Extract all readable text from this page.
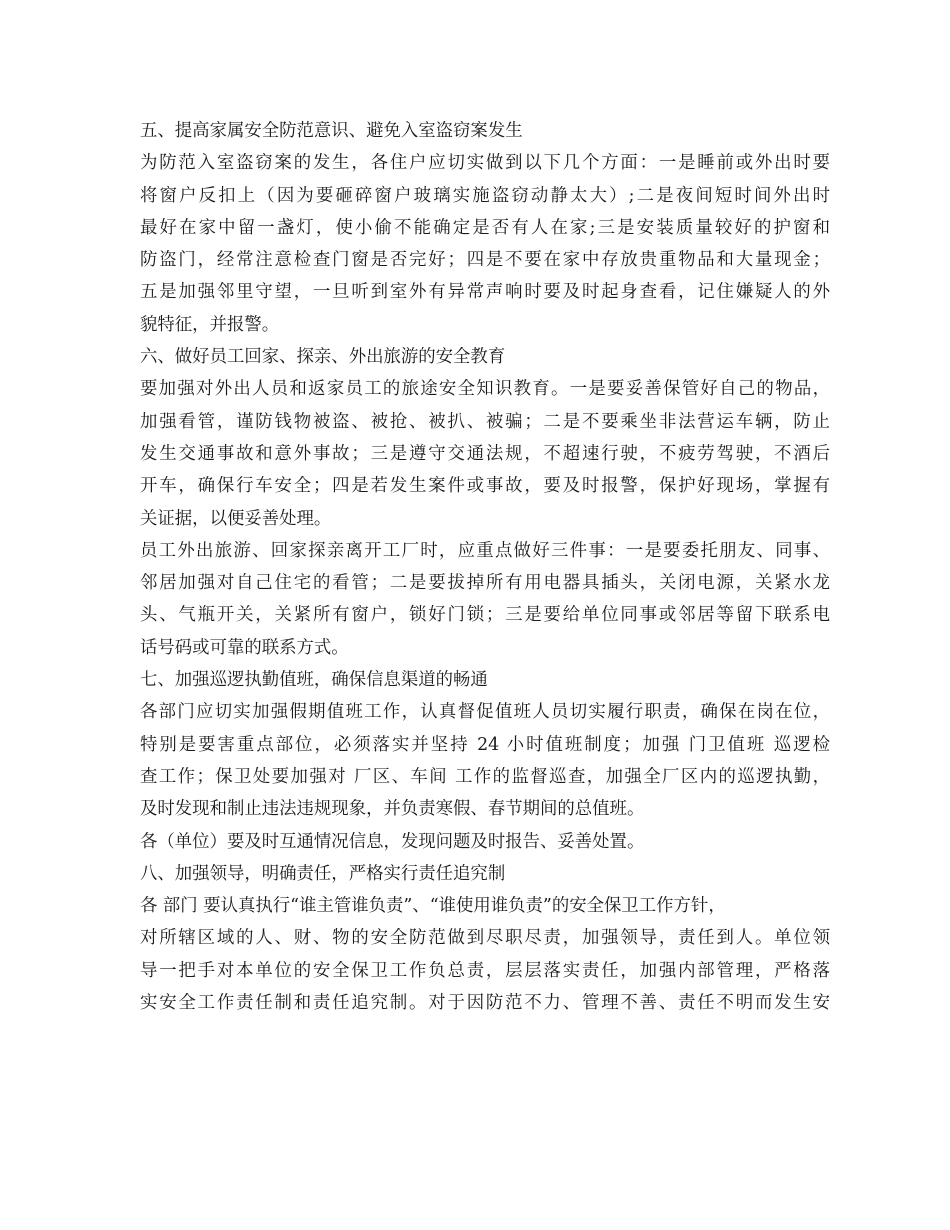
五、提高家属安全防范意识、避免入室盗窃案发生
为防范入室盗窃案的发生，各住户应切实做到以下几个方面：一是睡前或外出时要
将窗户反扣上（因为要砸碎窗户玻璃实施盗窃动静太大）;二是夜间短时间外出时
最好在家中留一盏灯，使小偷不能确定是否有人在家;三是安装质量较好的护窗和
防盗门，经常注意检查门窗是否完好；四是不要在家中存放贵重物品和大量现金；
五是加强邻里守望，一旦听到室外有异常声响时要及时起身查看，记住嫌疑人的外
貌特征，并报警。
六、做好员工回家、探亲、外出旅游的安全教育
要加强对外出人员和返家员工的旅途安全知识教育。一是要妥善保管好自己的物品，
加强看管，谨防钱物被盗、被抢、被扒、被骗；二是不要乘坐非法营运车辆，防止
发生交通事故和意外事故；三是遵守交通法规，不超速行驶，不疲劳驾驶，不酒后
开车，确保行车安全；四是若发生案件或事故，要及时报警，保护好现场，掌握有
关证据，以便妥善处理。
员工外出旅游、回家探亲离开工厂时，应重点做好三件事：一是要委托朋友、同事、
邻居加强对自己住宅的看管；二是要拔掉所有用电器具插头，关闭电源，关紧水龙
头、气瓶开关，关紧所有窗户，锁好门锁；三是要给单位同事或邻居等留下联系电
话号码或可靠的联系方式。
七、加强巡逻执勤值班，确保信息渠道的畅通
各部门应切实加强假期值班工作，认真督促值班人员切实履行职责，确保在岗在位，
特别是要害重点部位，必须落实并坚持 24 小时值班制度；加强 门卫值班 巡逻检
查工作；保卫处要加强对 厂区、车间 工作的监督巡查，加强全厂区内的巡逻执勤，
及时发现和制止违法违规现象，并负责寒假、春节期间的总值班。
各（单位）要及时互通情况信息，发现问题及时报告、妥善处置。
八、加强领导，明确责任，严格实行责任追究制
各 部门 要认真执行“谁主管谁负责”、“谁使用谁负责”的安全保卫工作方针，
对所辖区域的人、财、物的安全防范做到尽职尽责，加强领导，责任到人。单位领
导一把手对本单位的安全保卫工作负总责，层层落实责任，加强内部管理，严格落
实安全工作责任制和责任追究制。对于因防范不力、管理不善、责任不明而发生安
